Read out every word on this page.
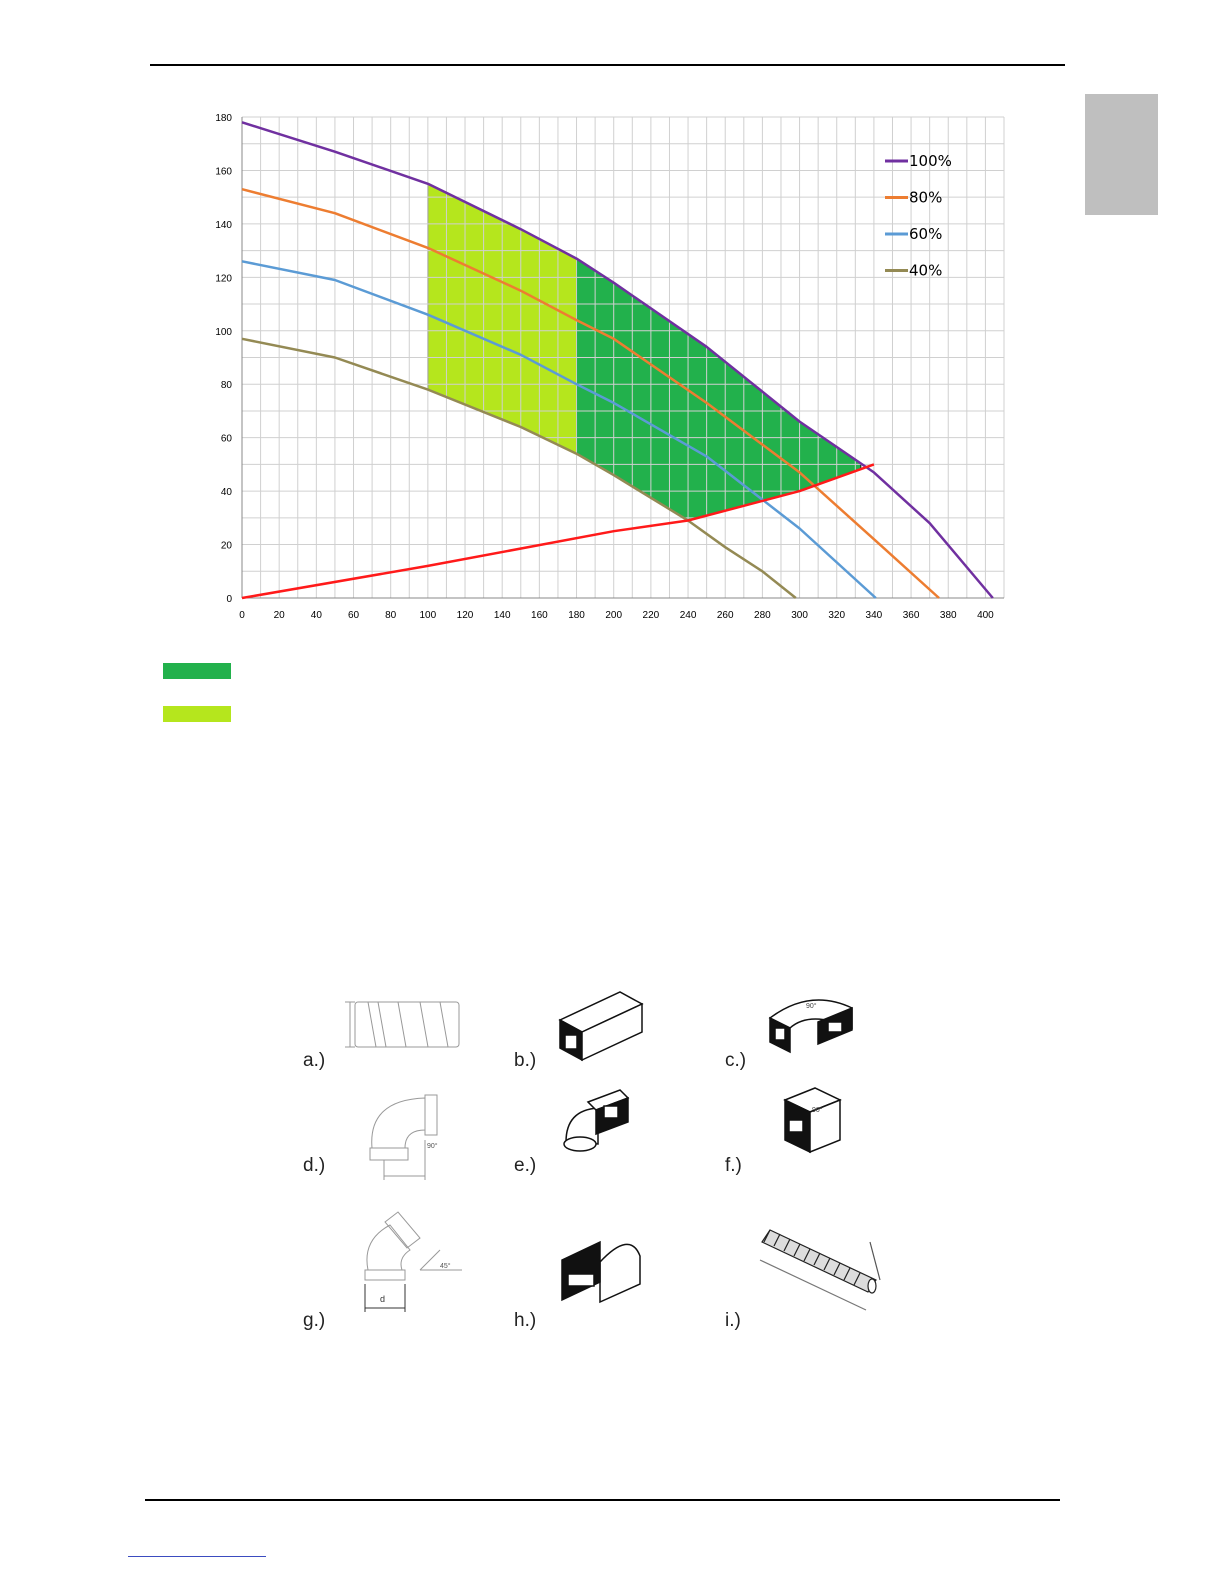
0	20	40	60	80 100 120 140 160 180 200 220 240 260 280 300 320 340 360 380 400
0
20
40
60
80
100
120
140
160
180
100%
80%
60%
40%
a.)	b.)	c.)
d.)	e.)	f.)
g.)	h.)	i.)
90°
90°
90°
d
45°
